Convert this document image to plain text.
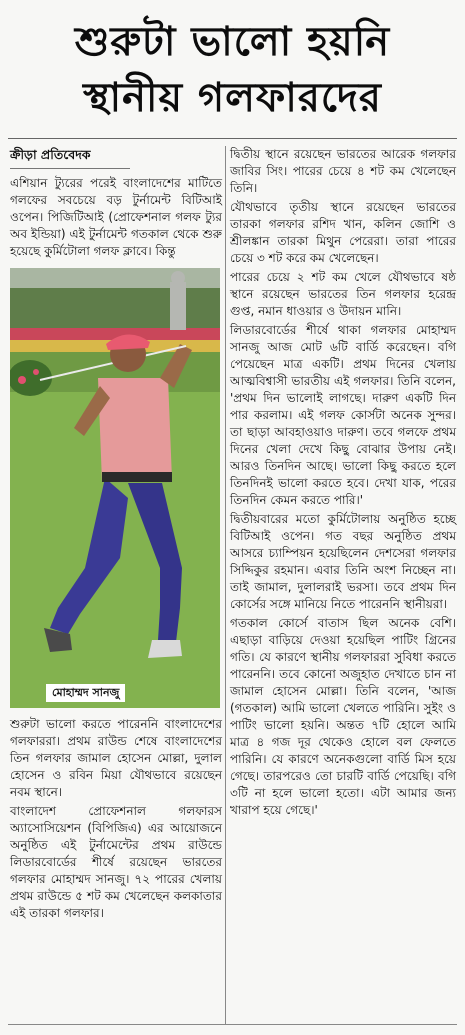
শুরুটা ভালো হয়নি
স্থানীয় গলফারদের
ক্রীড়া প্রতিবেদক

এশিয়ান ট্যুরের পরেই বাংলাদেশের মাটিতে গলফের সবচেয়ে বড় টুর্নামেন্ট বিটিআই ওপেন। পিজিটিআই (প্রোফেশনাল গলফ ট্যুর অব ইন্ডিয়া) এই টুর্নামেন্ট গতকাল থেকে শুরু হয়েছে কুর্মিটোলা গলফ ক্লাবে। কিন্তু

মোহাম্মদ সানজু

শুরুটা ভালো করতে পারেননি বাংলাদেশের গলফাররা। প্রথম রাউন্ড শেষে বাংলাদেশের তিন গলফার জামাল হোসেন মোল্লা, দুলাল হোসেন ও রবিন মিয়া যৌথভাবে রয়েছেন নবম স্থানে।

বাংলাদেশ প্রোফেশনাল গলফারস অ্যাসোসিয়েশন (বিপিজিএ) এর আয়োজনে অনুষ্ঠিত এই টুর্নামেন্টের প্রথম রাউন্ডে লিডারবোর্ডের শীর্ষে রয়েছেন ভারতের গলফার মোহাম্মদ সানজু। ৭২ পারের খেলায় প্রথম রাউন্ডে ৫ শট কম খেলেছেন কলকাতার এই তারকা গলফার।

দ্বিতীয় স্থানে রয়েছেন ভারতের আরেক গলফার জাবির সিং। পারের চেয়ে ৪ শট কম খেলেছেন তিনি।

যৌথভাবে তৃতীয় স্থানে রয়েছেন ভারতের তারকা গলফার রশিদ খান, কলিন জোশি ও শ্রীলঙ্কান তারকা মিথুন পেরেরা। তারা পারের চেয়ে ৩ শট করে কম খেলেছেন।

পারের চেয়ে ২ শট কম খেলে যৌথভাবে ষষ্ঠ স্থানে রয়েছেন ভারতের তিন গলফার হরেন্দ্র গুপ্ত, নমান ধাওয়ার ও উদায়ন মানি।

লিডারবোর্ডের শীর্ষে থাকা গলফার মোহাম্মদ সানজু আজ মোট ৬টি বার্ডি করেছেন। বগি পেয়েছেন মাত্র একটি। প্রথম দিনের খেলায় আত্মবিশ্বাসী ভারতীয় এই গলফার। তিনি বলেন, 'প্রথম দিন ভালোই লাগছে। দারুণ একটি দিন পার করলাম। এই গলফ কোর্সটা অনেক সুন্দর। তা ছাড়া আবহাওয়াও দারুণ। তবে গলফে প্রথম দিনের খেলা দেখে কিছু বোঝার উপায় নেই। আরও তিনদিন আছে। ভালো কিছু করতে হলে তিনদিনই ভালো করতে হবে। দেখা যাক, পরের তিনদিন কেমন করতে পারি।'

দ্বিতীয়বারের মতো কুর্মিটোলায় অনুষ্ঠিত হচ্ছে বিটিআই ওপেন। গত বছর অনুষ্ঠিত প্রথম আসরে চ্যাম্পিয়ন হয়েছিলেন দেশসেরা গলফার সিদ্দিকুর রহমান। এবার তিনি অংশ নিচ্ছেন না। তাই জামাল, দুলালরাই ভরসা। তবে প্রথম দিন কোর্সের সঙ্গে মানিয়ে নিতে পারেননি স্থানীয়রা।

গতকাল কোর্সে বাতাস ছিল অনেক বেশি। এছাড়া বাড়িয়ে দেওয়া হয়েছিল পাটিং গ্রিনের গতি। যে কারণে স্থানীয় গলফাররা সুবিধা করতে পারেননি। তবে কোনো অজুহাত দেখাতে চান না জামাল হোসেন মোল্লা। তিনি বলেন, 'আজ (গতকাল) আমি ভালো খেলতে পারিনি। সুইং ও পাটিং ভালো হয়নি। অন্তত ৭টি হোলে আমি মাত্র ৪ গজ দূর থেকেও হোলে বল ফেলতে পারিনি। যে কারণে অনেকগুলো বার্ডি মিস হয়ে গেছে। তারপরেও তো চারটি বার্ডি পেয়েছি। বগি ৩টি না হলে ভালো হতো। এটা আমার জন্য খারাপ হয়ে গেছে।'
